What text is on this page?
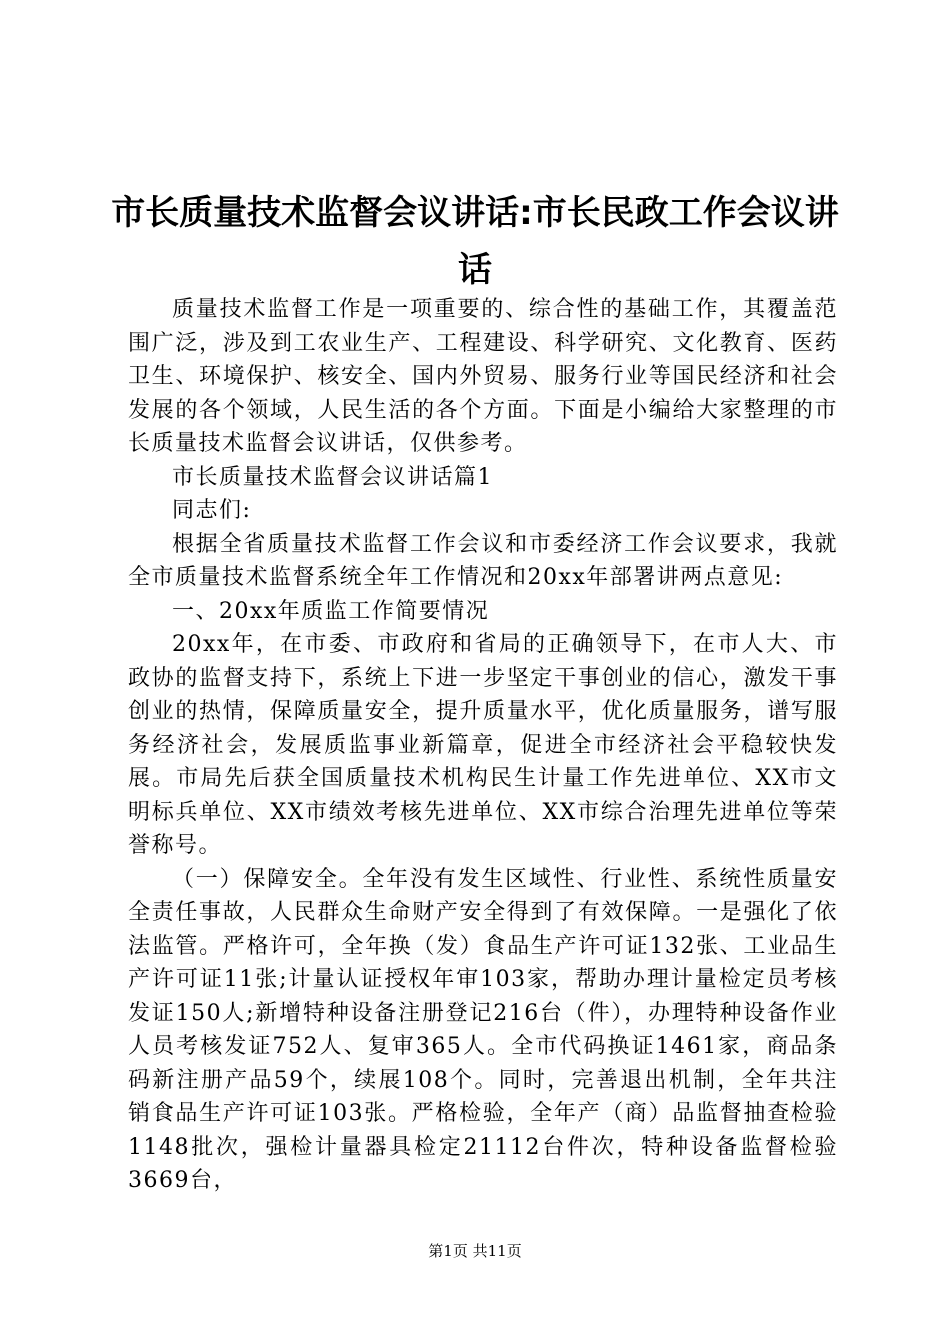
市长质量技术监督会议讲话:市长民政工作会议讲话

质量技术监督工作是一项重要的、综合性的基础工作，其覆盖范围广泛，涉及到工农业生产、工程建设、科学研究、文化教育、医药卫生、环境保护、核安全、国内外贸易、服务行业等国民经济和社会发展的各个领域，人民生活的各个方面。下面是小编给大家整理的市长质量技术监督会议讲话，仅供参考。

市长质量技术监督会议讲话篇1

同志们:

根据全省质量技术监督工作会议和市委经济工作会议要求，我就全市质量技术监督系统全年工作情况和20xx年部署讲两点意见:

一、20xx年质监工作简要情况

20xx年，在市委、市政府和省局的正确领导下，在市人大、市政协的监督支持下，系统上下进一步坚定干事创业的信心，激发干事创业的热情，保障质量安全，提升质量水平，优化质量服务，谱写服务经济社会，发展质监事业新篇章，促进全市经济社会平稳较快发展。市局先后获全国质量技术机构民生计量工作先进单位、XX市文明标兵单位、XX市绩效考核先进单位、XX市综合治理先进单位等荣誉称号。

（一）保障安全。全年没有发生区域性、行业性、系统性质量安全责任事故，人民群众生命财产安全得到了有效保障。一是强化了依法监管。严格许可，全年换（发）食品生产许可证132张、工业品生产许可证11张;计量认证授权年审103家，帮助办理计量检定员考核发证150人;新增特种设备注册登记216台（件），办理特种设备作业人员考核发证752人、复审365人。全市代码换证1461家，商品条码新注册产品59个，续展108个。同时，完善退出机制，全年共注销食品生产许可证103张。严格检验，全年产（商）品监督抽查检验1148批次，强检计量器具检定21112台件次，特种设备监督检验3669台，

第1页 共11页
